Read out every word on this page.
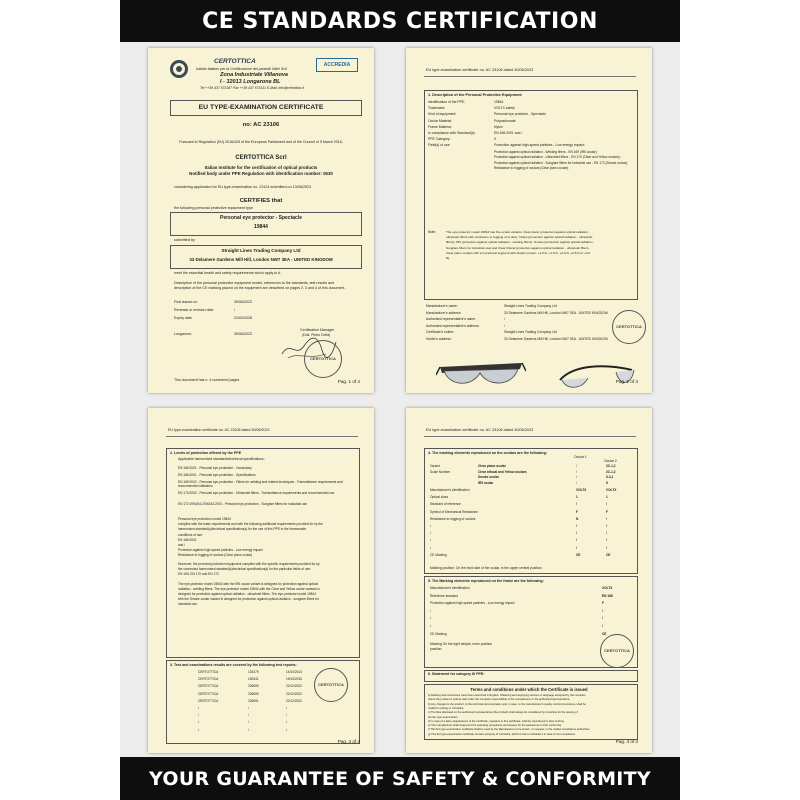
CE STANDARDS CERTIFICATION
CERTOTTICA
Istituto Italiano per la Certificazione dei prodotti Ottici Scrl
Zona Industriale Villanova
I - 32013 Longarone BL
Tel ++39 437 573187 Fax ++39 437 573131 E-Mail: info@certottica.it
ACCREDIA
EU TYPE-EXAMINATION CERTIFICATE
no: AC 23106
Pursuant to Regulation (EU) 2016/425 of the European Parliament and of the Council of 9 March 2016,
CERTOTTICA Scrl
Italian Institute for the certification of optical products
Notified body under PPE Regulation with identification number: 0530
considering application for EU type-examination no. 23124 submitted on 13/06/2023
CERTIFIES that
the following personal protective equipment type
Personal eye protector - Spectacle
19844
submitted by
Straight Lines Trading Company Ltd
33 Delamere Gardens Mill Hill, London NW7 3EA - UNITED KINGDOM
meet the essential health and safety requirements which apply to it.
Description of the personal protective equipment model, references to the standards, test results and
description of the CE marking placed on the equipment are described on pages 2, 3 and 4 of this document.
First issued on	30/06/2023
Renewal or revision date	/
Expiry date	21/02/2028
Longarone,	30/06/2023
Certification Manager
(Dott. Pietro Cetta)
CERTOTTICA
This document has n. 4 numbered pages	Pag. 1 of 4
EU type-examination certificate no. AC 23106 dated 30/06/2023
1. Description of the Personal Protective Equipment
Identification of the PPE:	19844
Trademark:	VOLTX safety
Kind of equipment:	Personal eye protector - Spectacle
Ocular Material:	Polycarbonate
Frame Material:	Nylon
In compliance with Standard(s):	EN 166:2001 and /
PPE Category:	II
Field(s) of use:	Protection against high-speed particles - Low energy impact;
Protection against optical radiation - Welding filters - EN 169 (IR5 ocular);
Protection against optical radiation - Ultraviolet filters - EN 170 (Clear and Yellow oculars);
Protection against optical radiation - Sunglare filters for industrial use - EN 172 (Smoke ocular);
Resistance to fogging of oculars (Clear plano ocular).
Note:	The eye-protector model 19844 has five ocular variants: Clear plano (protection against optical radiation -
ultraviolet filters with resistance to fogging of ocular), Yellow (protection against optical radiation - ultraviolet
filters), IR5 (protection against optical radiation - welding filters). Smoke (protection against optical radiation -
Sunglare filters for industrial use) and Clear bifocal (protection against optical radiation - ultraviolet filters -
Clear plano oculars with a monofocal segment with dioptric power: +1.0 D, +1.5 D, +2.0 D, +2.5 D or +3.0
D).
Manufacturer's name:	Straight Lines Trading Company Ltd
Manufacturer's address:	33 Delamere Gardens Mill Hill, London NW7 3EA - UNITED KINGDOM
Authorised representative's name:	/
Authorised representative's address:	/
Certificate's holder:	Straight Lines Trading Company Ltd
Holder's address:	33 Delamere Gardens Mill Hill, London NW7 3EA - UNITED KINGDOM
CERTOTTICA
Pag. 2 of 4
EU type-examination certificate no. AC 23106 dated 30/06/2023
2. Levels of protection offered by the PPE
Applicable harmonised standards/technical specifications:
EN 166:2001 - Personal eye-protection - Vocabulary
EN 166:2001 - Personal eye-protection - Specifications
EN 169:2002 - Personal eye-protection - Filters for welding and related techniques - Transmittance requirements and recommended utilisation
EN 170:2002 - Personal eye-protection - Ultraviolet filters - Transmittance requirements and recommended use
EN 172:1994/A1:2000/A2:2001 - Personal eye-protection - Sunglare filters for industrial use
Personal eye protection model 19844
complies with the basic requirements and with the following additional requirements provided for by the
harmonised standard(s)/technical specification(s) for the use of this PPE in the foreseeable
conditions of use:
EN 166:2001
and /
Protection against high-speed particles - Low energy impact
Resistance to fogging of oculars (Clear plano ocular)
Moreover, the personal protection equipment complies with the specific requirements provided for by
the connected harmonised standard(s)/technical specification(s) for the particular fields of use:
EN 169, EN 170 and EN 172
The eye-protector model 19844 with the IR5 ocular variant is designed for protection against optical
radiation - welding filters. The eye-protector model 19844 with the Clear and Yellow ocular variants is
designed for protection against optical radiation - ultraviolet filters. The eye-protector model 19844
with the Smoke ocular variant is designed for protection against optical radiation - sunglare filters for
industrial use.
3. Test and examinations results are covered by the following test reports:
CERTOTTICA	133479	14/10/2013
CERTOTTICA	150541	19/10/2015
CERTOTTICA	226690	22/12/2022
CERTOTTICA	226690	22/12/2022
CERTOTTICA	226691	22/12/2022
/	/	/
/	/	/
/	/	/
/	/	/
CERTOTTICA
Pag. 3 of 4
EU type-examination certificate no. AC 23106 dated 30/06/2023
4. The marking elements reproduced on the oculars are the following:
Ocular 1
Ocular 2
Variant	Clear plano ocular	/	2C-1,2
Scale Number	Clear bifocal and Yellow oculars	/	2C-1,2
Smoke ocular	/	5-3,1
IR5 ocular	/	5
Manufacturer's identification	VOLTX	VOLTX
Optical class	1	1
Standard of reference	/	/
Symbol of Mechanical Resistance	F	F
Resistance to fogging of oculars	N	/
/	/	/
/	/	/
/	/	/
/	/	/
CE Marking	CE	CE
Marking position: On the front side of the ocular, in the upper central position.
5. The Marking elements reproduced on the frame are the following:
Manufacturer's identification	VOLTX
Reference standard	EN 166
Protection against high-speed particles - Low energy impact	F
/	/
/	/
/	/
CE Marking	CE
Marking On the right temple, inner position
position:	CERTOTTICA
6. Statement for category III PPE:
Terms and conditions under which the Certificate is issued
a) Marking and instructions have been examined in English. Obtaining and supplying versions in language accepted by the countries
where the product is sold as well under the complete responsibility of the manufacturer or his authorised representative.
b) Any changes to the product, to the technical documentation and, in case, to the manufacturer's quality control procedures, shall be
notified in writing to Certottica.
c) The files disclosed on the authorised representative (the product) shall always be considered by Certottica for the issuing of
the EU type-examination.
d) In case of a false acquaintance of the certificate, suppliers to this certificate, shall be reproduced in their entirety.
e) The manufacturer shall implement the operating procedures as foreseen for the assessment of the conformity.
f) This EU type-examination certificate shall be used by the Manufacturer to be shown, on request, to the market surveillance authorities.
g) This EU type-examination certificate remains property of Certottica, which is free to withdraw it in case of non-compliance.
Pag. 4 of 4
YOUR GUARANTEE OF SAFETY & CONFORMITY
